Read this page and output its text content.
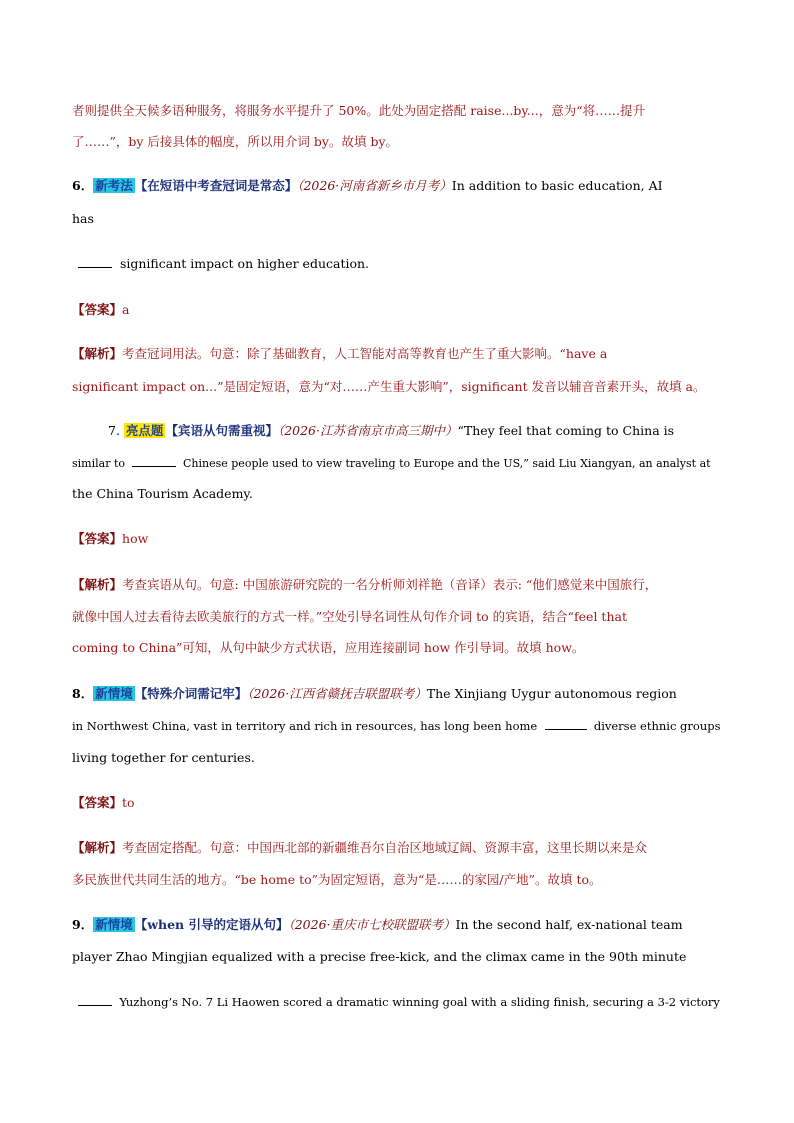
者则提供全天候多语种服务，将服务水平提升了 50%。此处为固定搭配 raise...by...，意为“将……提升
了……”，by 后接具体的幅度，所以用介词 by。故填 by。
6． 新考法 【在短语中考查冠词是常态】（2026·河南省新乡市月考）In addition to basic education, AI
has
significant impact on higher education.
【答案】a
【解析】考查冠词用法。句意：除了基础教育，人工智能对高等教育也产生了重大影响。“have a
significant impact on...”是固定短语，意为“对……产生重大影响”，significant 发音以辅音音素开头，故填 a。
7. 亮点题 【宾语从句需重视】（2026·江苏省南京市高三期中）“They feel that coming to China is
similar to	Chinese people used to view traveling to Europe and the US,” said Liu Xiangyan, an analyst at
the China Tourism Academy.
【答案】how
【解析】考查宾语从句。句意: 中国旅游研究院的一名分析师刘祥艳（音译）表示: “他们感觉来中国旅行，
就像中国人过去看待去欧美旅行的方式一样。”空处引导名词性从句作介词 to 的宾语，结合“feel that
coming to China”可知，从句中缺少方式状语，应用连接副词 how 作引导词。故填 how。
8． 新情境 【特殊介词需记牢】（2026·江西省赣抚吉联盟联考）The Xinjiang Uygur autonomous region
in Northwest China, vast in territory and rich in resources, has long been home	diverse ethnic groups
living together for centuries.
【答案】to
【解析】考查固定搭配。句意：中国西北部的新疆维吾尔自治区地域辽阔、资源丰富，这里长期以来是众
多民族世代共同生活的地方。“be home to”为固定短语，意为“是……的家园/产地”。故填 to。
9． 新情境 【when 引导的定语从句】（2026·重庆市七校联盟联考）In the second half, ex-national team
player Zhao Mingjian equalized with a precise free-kick, and the climax came in the 90th minute
Yuzhong’s No. 7 Li Haowen scored a dramatic winning goal with a sliding finish, securing a 3-2 victory
